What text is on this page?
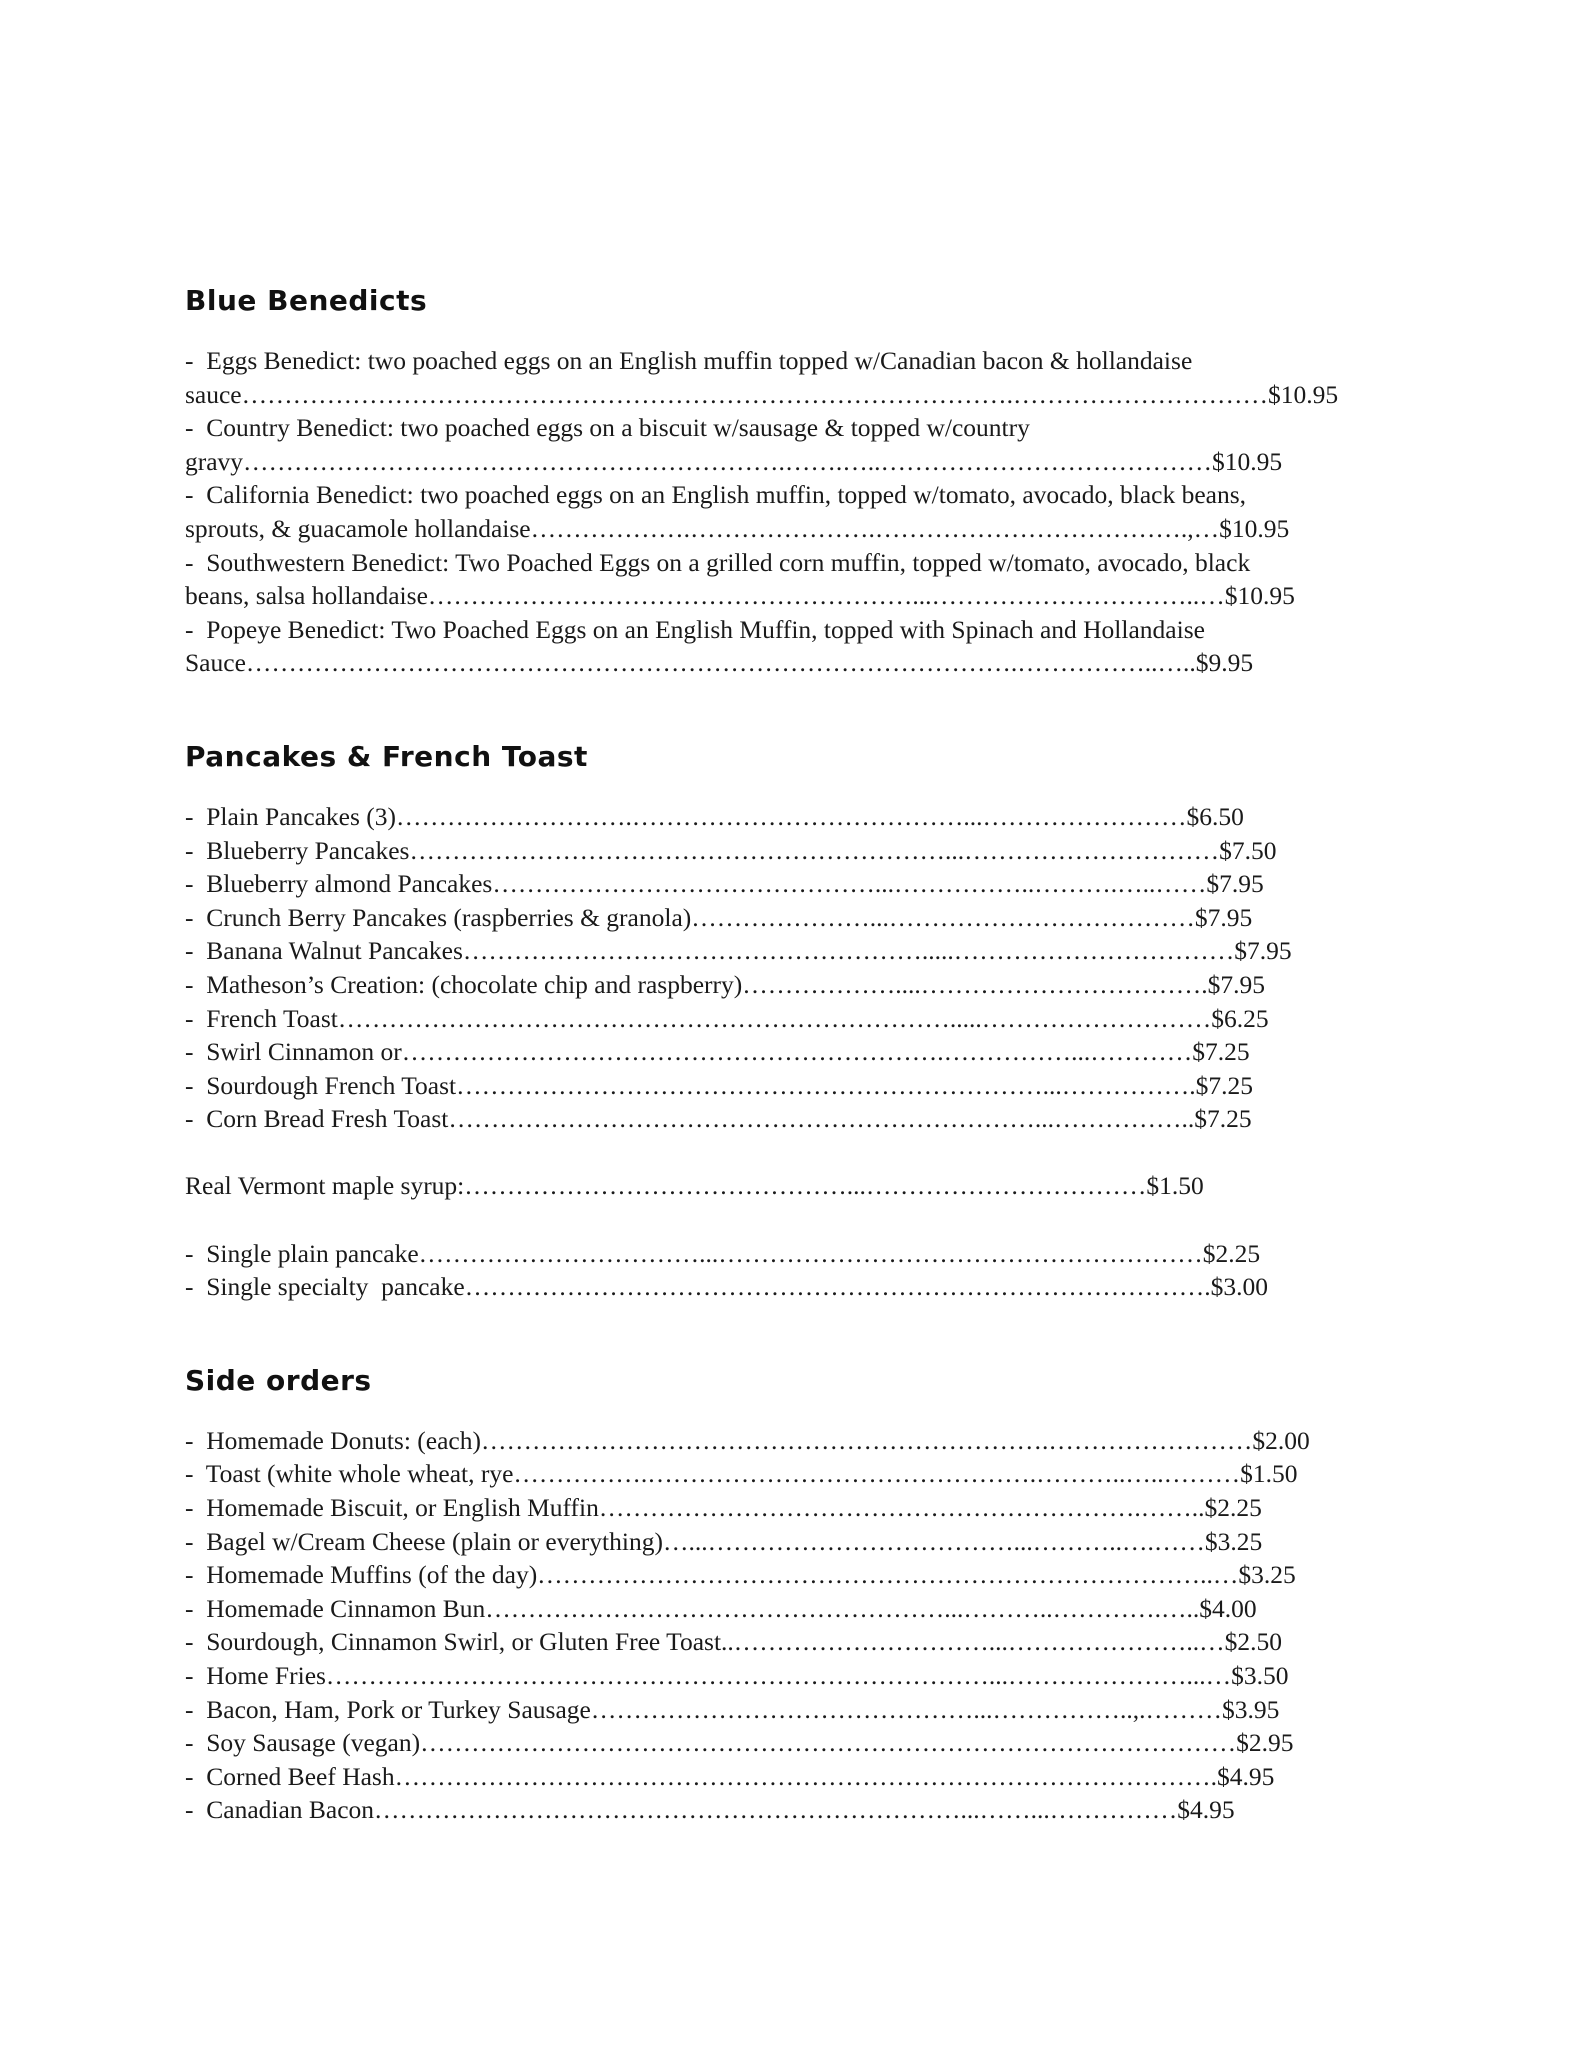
Blue Benedicts
-  Eggs Benedict: two poached eggs on an English muffin topped w/Canadian bacon & hollandaise
sauce……………………………………………………………………………….…………………………$10.95
-  Country Benedict: two poached eggs on a biscuit w/sausage & topped w/country
gravy……………………………………………………….…….…..…………………………………$10.95
-  California Benedict: two poached eggs on an English muffin, topped w/tomato, avocado, black beans,
sprouts, & guacamole hollandaise……………….………………….……………………………….,…$10.95
-  Southwestern Benedict: Two Poached Eggs on a grilled corn muffin, topped w/tomato, avocado, black
beans, salsa hollandaise…………………………………………………...…………………………..…$10.95
-  Popeye Benedict: Two Poached Eggs on an English Muffin, topped with Spinach and Hollandaise
Sauce……………………………………………………………………………….……………..…..$9.95
Pancakes & French Toast
-  Plain Pancakes (3)……………………….…………………………………...……………………$6.50
-  Blueberry Pancakes………………………………………………………...…………………………$7.50
-  Blueberry almond Pancakes………………………………………...……………..……….…..……$7.95
-  Crunch Berry Pancakes (raspberries & granola)…………………...………………………………$7.95
-  Banana Walnut Pancakes……………………………………………….....……………………………$7.95
-  Matheson’s Creation: (chocolate chip and raspberry)………………....…………………………….$7.95
-  French Toast……………………………………………………………….....………………………$6.25
-  Swirl Cinnamon or……………………………………………………….……………...…………$7.25
-  Sourdough French Toast……………………………………………………………...…………….$7.25
-  Corn Bread Fresh Toast……………………………………………………………...……………..$7.25
Real Vermont maple syrup:………………………………………...……………………………$1.50
-  Single plain pancake……………………………...…………………………………………………$2.25
-  Single specialty  pancake…………………………………………………………………………….$3.00
Side orders
-  Homemade Donuts: (each)………………………………………………………….……………………$2.00
-  Toast (white whole wheat, rye…………….……………………………………….………..…..………$1.50
-  Homemade Biscuit, or English Muffin……………………………………………………….……..$2.25
-  Bagel w/Cream Cheese (plain or everything)…...………………………………...………..….……$3.25
-  Homemade Muffins (of the day)……………………………………………………………………..…$3.25
-  Homemade Cinnamon Bun………………………………………………...………..………….…..$4.00
-  Sourdough, Cinnamon Swirl, or Gluten Free Toast..…………………………...…………………..…$2.50
-  Home Fries……………………………………………………………………...…………………...…$3.50
-  Bacon, Ham, Pork or Turkey Sausage………………………………………...……………..,.………$3.95
-  Soy Sausage (vegan)……………………………………………………………………………………$2.95
-  Corned Beef Hash…………………………………………………………………………………….$4.95
-  Canadian Bacon……………………………………………………………...……...……………$4.95
